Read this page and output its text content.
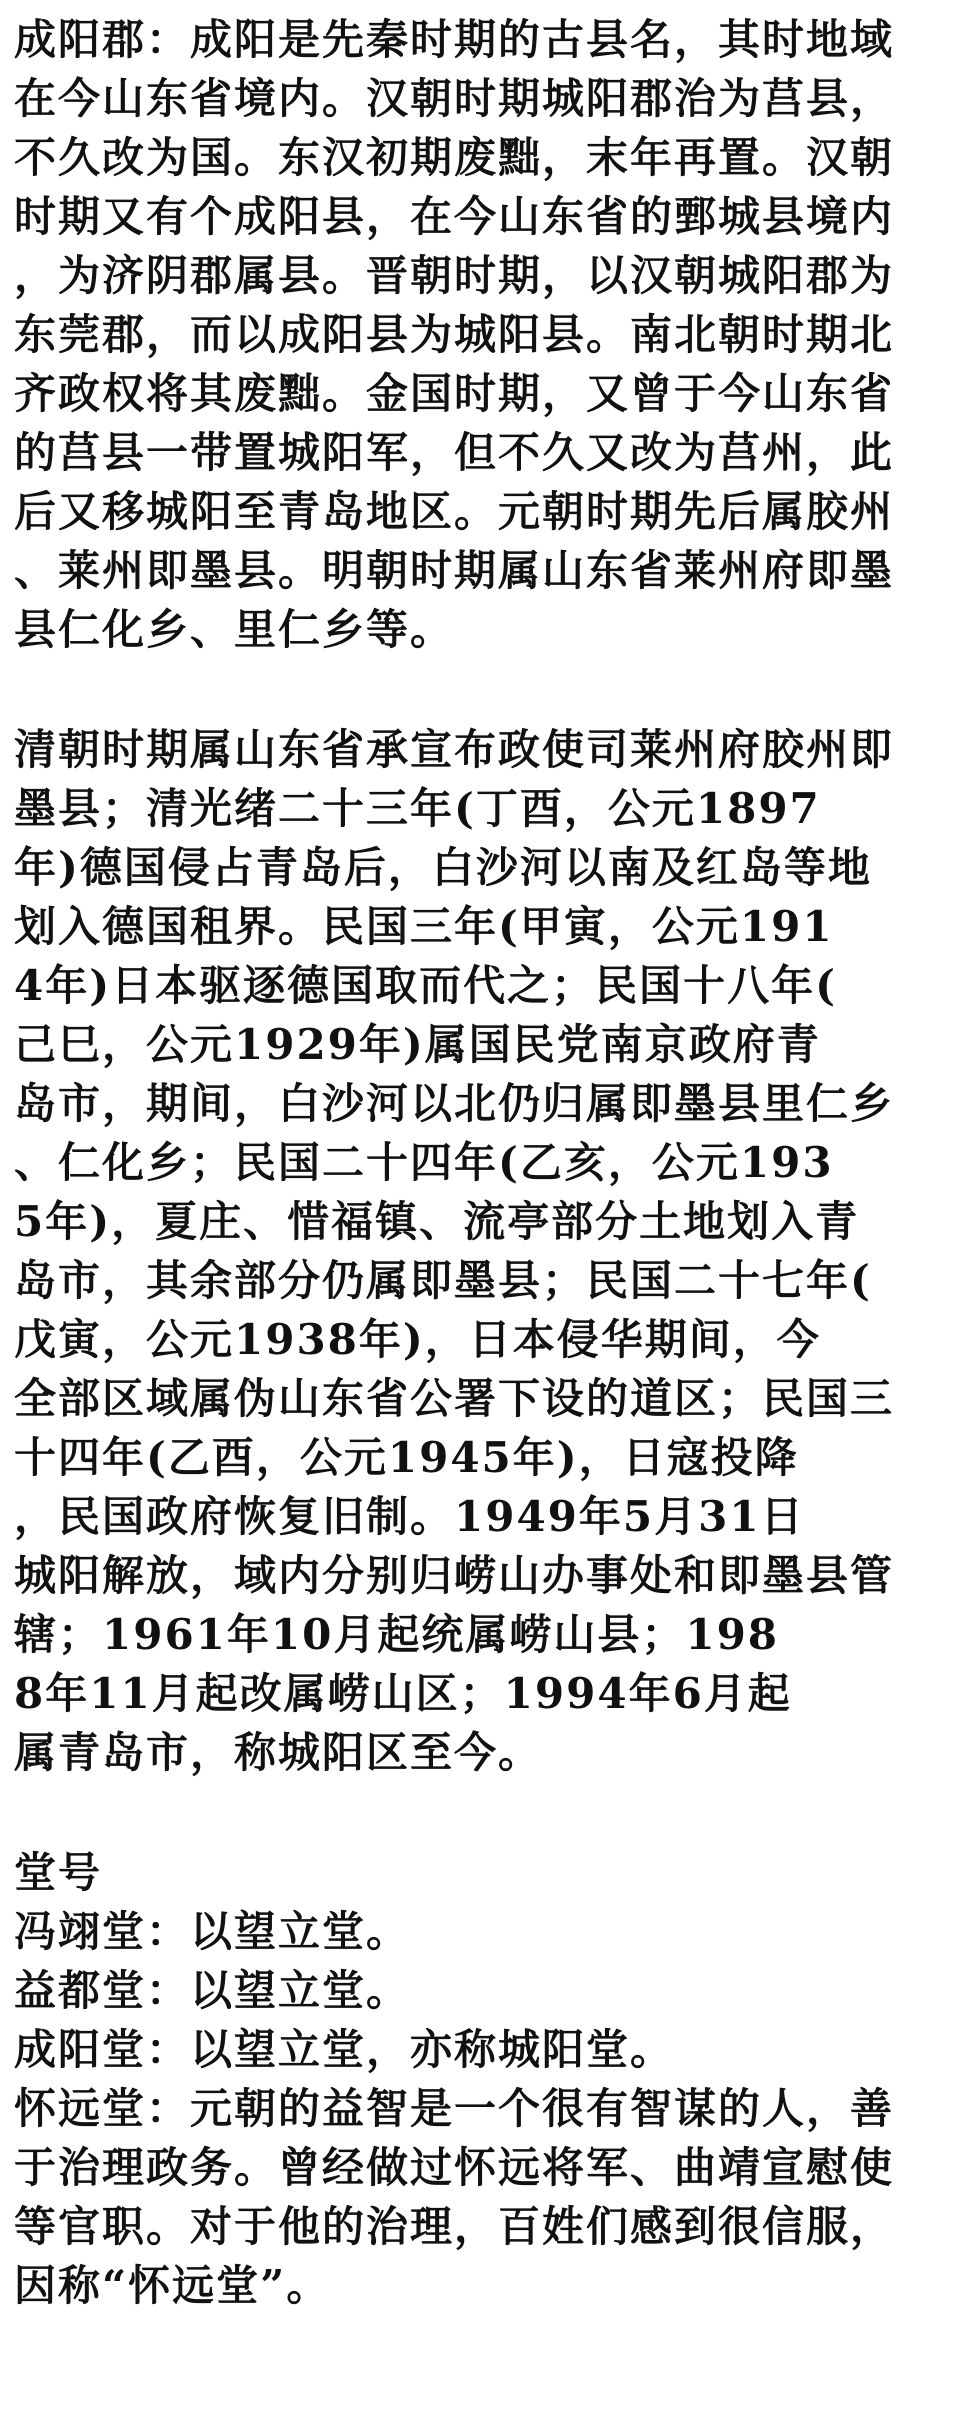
成阳郡：成阳是先秦时期的古县名，其时地域
在今山东省境内。汉朝时期城阳郡治为莒县，
不久改为国。东汉初期废黜，末年再置。汉朝
时期又有个成阳县，在今山东省的鄄城县境内
，为济阴郡属县。晋朝时期，以汉朝城阳郡为
东莞郡，而以成阳县为城阳县。南北朝时期北
齐政权将其废黜。金国时期，又曾于今山东省
的莒县一带置城阳军，但不久又改为莒州，此
后又移城阳至青岛地区。元朝时期先后属胶州
、莱州即墨县。明朝时期属山东省莱州府即墨
县仁化乡、里仁乡等。
清朝时期属山东省承宣布政使司莱州府胶州即
墨县；清光绪二十三年(丁酉，公元1897
年)德国侵占青岛后，白沙河以南及红岛等地
划入德国租界。民国三年(甲寅，公元191
4年)日本驱逐德国取而代之；民国十八年(
己巳，公元1929年)属国民党南京政府青
岛市，期间，白沙河以北仍归属即墨县里仁乡
、仁化乡；民国二十四年(乙亥，公元193
5年)，夏庄、惜福镇、流亭部分土地划入青
岛市，其余部分仍属即墨县；民国二十七年(
戊寅，公元1938年)，日本侵华期间，今
全部区域属伪山东省公署下设的道区；民国三
十四年(乙酉，公元1945年)，日寇投降
，民国政府恢复旧制。1949年5月31日
城阳解放，域内分别归崂山办事处和即墨县管
辖；1961年10月起统属崂山县；198
8年11月起改属崂山区；1994年6月起
属青岛市，称城阳区至今。
堂号
冯翊堂：以望立堂。
益都堂：以望立堂。
成阳堂：以望立堂，亦称城阳堂。
怀远堂：元朝的益智是一个很有智谋的人，善
于治理政务。曾经做过怀远将军、曲靖宣慰使
等官职。对于他的治理，百姓们感到很信服，
因称“怀远堂”。
